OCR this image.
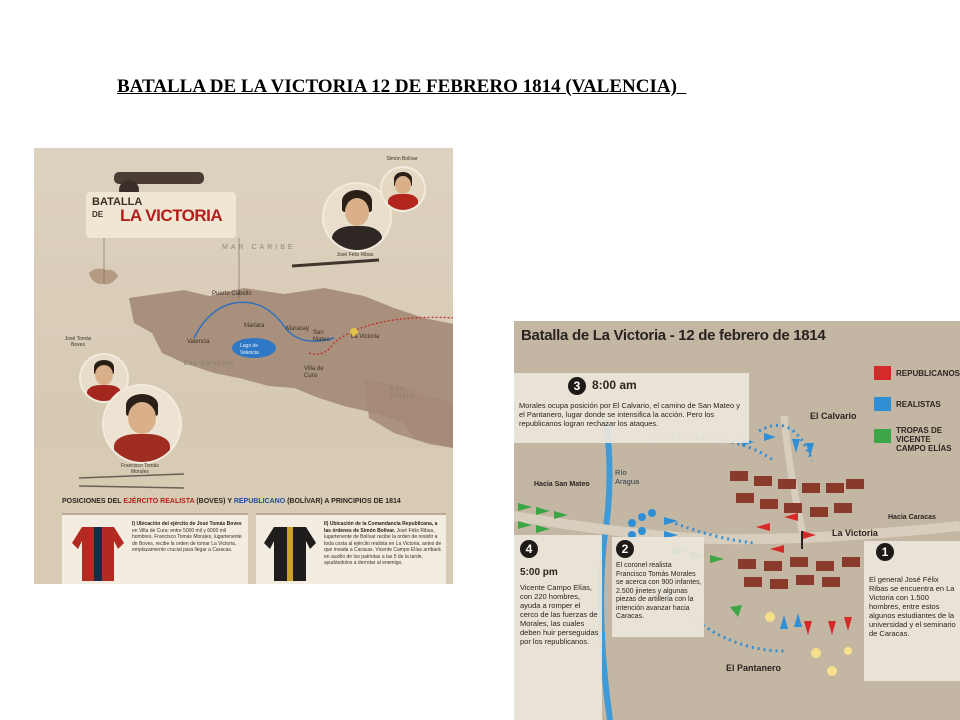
BATALLA DE LA VICTORIA 12 DE FEBRERO 1814 (VALENCIA)
BATALLA
DE LA VICTORIA
MAR CARIBE
Puerto Cabello
Mariara	Maracay
San Mateo	La Victoria
Valencia
Lago de Valencia
Villa de Cura
Edo Carabobo
Edo Aragua
José Félix Ribas
Simón Bolívar
José Tomás Boves
Francisco Tomás Morales
POSICIONES DEL EJÉRCITO REALISTA (BOVES) Y REPUBLICANO (BOLÍVAR) A PRINCIPIOS DE 1814
I) Ubicación del ejército de José Tomás Boves en Villa de Cura: entre 5000 mil y 6000 mil hombres. Francisco Tomás Morales, lugartenente de Boves, recibe la orden de tomar La Victoria, emplazamiento crucial para llegar a Caracas.
II) Ubicación de la Comandancia Republicana, a las órdenes de Simón Bolívar. José Félix Ribas, lugartenente de Bolívar recibe la orden de resistir a toda costa al ejército realista en La Victoria, antes de que invada a Caracas. Vicente Campo Elías arribará en auxilio de los patriotas a las 5 de la tarde, ayudándolos a derrotar al enemigo.
Batalla de La Victoria - 12 de febrero de 1814
REPUBLICANOS
REALISTAS
TROPAS DE VICENTE CAMPO ELÍAS
3 8:00 am
Morales ocupa posición por El Calvario, el camino de San Mateo y el Pantanero, lugar donde se intensifica la acción. Pero los republicanos logran rechazar los ataques.
El Calvario
Hacia San Mateo
Río Aragua
Hacia Caracas
La Victoria
El Pantanero
2
El coronel realista Francisco Tomás Morales se acerca con 900 infantes, 2.500 jinetes y algunas piezas de artillería con la intención avanzar hacia Caracas.
4
5:00 pm
Vicente Campo Elías, con 220 hombres, ayuda a romper el cerco de las fuerzas de Morales, las cuales deben huir perseguidas por los republicanos.
1
El general José Félix Ribas se encuentra en La Victoria con 1.500 hombres, entre estos algunos estudiantes de la universidad y el seminario de Caracas.
